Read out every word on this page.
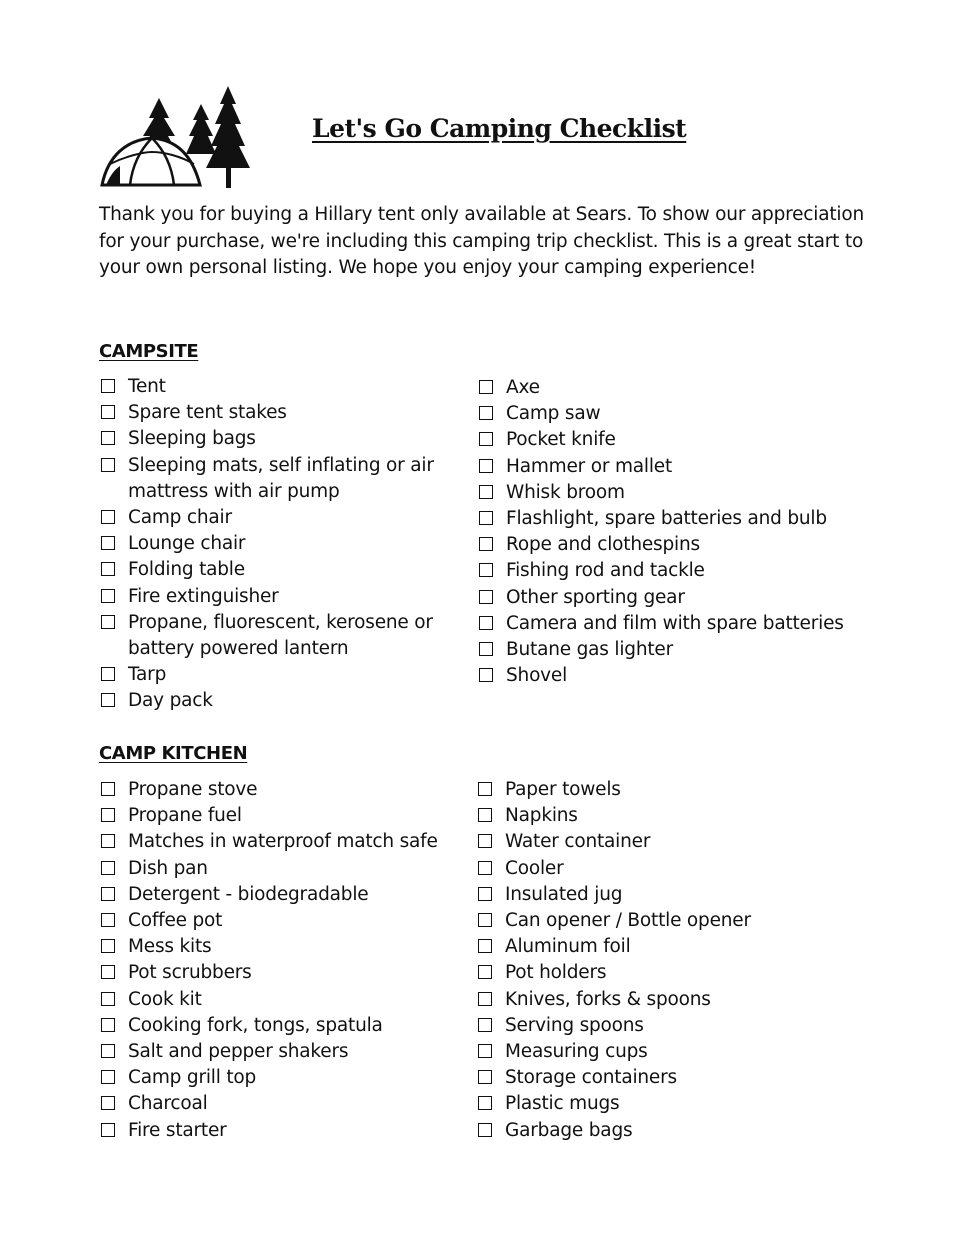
Let's Go Camping Checklist

Thank you for buying a Hillary tent only available at Sears. To show our appreciation for your purchase, we're including this camping trip checklist. This is a great start to your own personal listing. We hope you enjoy your camping experience!

CAMPSITE
Tent
Spare tent stakes
Sleeping bags
Sleeping mats, self inflating or air mattress with air pump
Camp chair
Lounge chair
Folding table
Fire extinguisher
Propane, fluorescent, kerosene or battery powered lantern
Tarp
Day pack
Axe
Camp saw
Pocket knife
Hammer or mallet
Whisk broom
Flashlight, spare batteries and bulb
Rope and clothespins
Fishing rod and tackle
Other sporting gear
Camera and film with spare batteries
Butane gas lighter
Shovel
CAMP KITCHEN
Propane stove
Propane fuel
Matches in waterproof match safe
Dish pan
Detergent - biodegradable
Coffee pot
Mess kits
Pot scrubbers
Cook kit
Cooking fork, tongs, spatula
Salt and pepper shakers
Camp grill top
Charcoal
Fire starter
Paper towels
Napkins
Water container
Cooler
Insulated jug
Can opener / Bottle opener
Aluminum foil
Pot holders
Knives, forks & spoons
Serving spoons
Measuring cups
Storage containers
Plastic mugs
Garbage bags
